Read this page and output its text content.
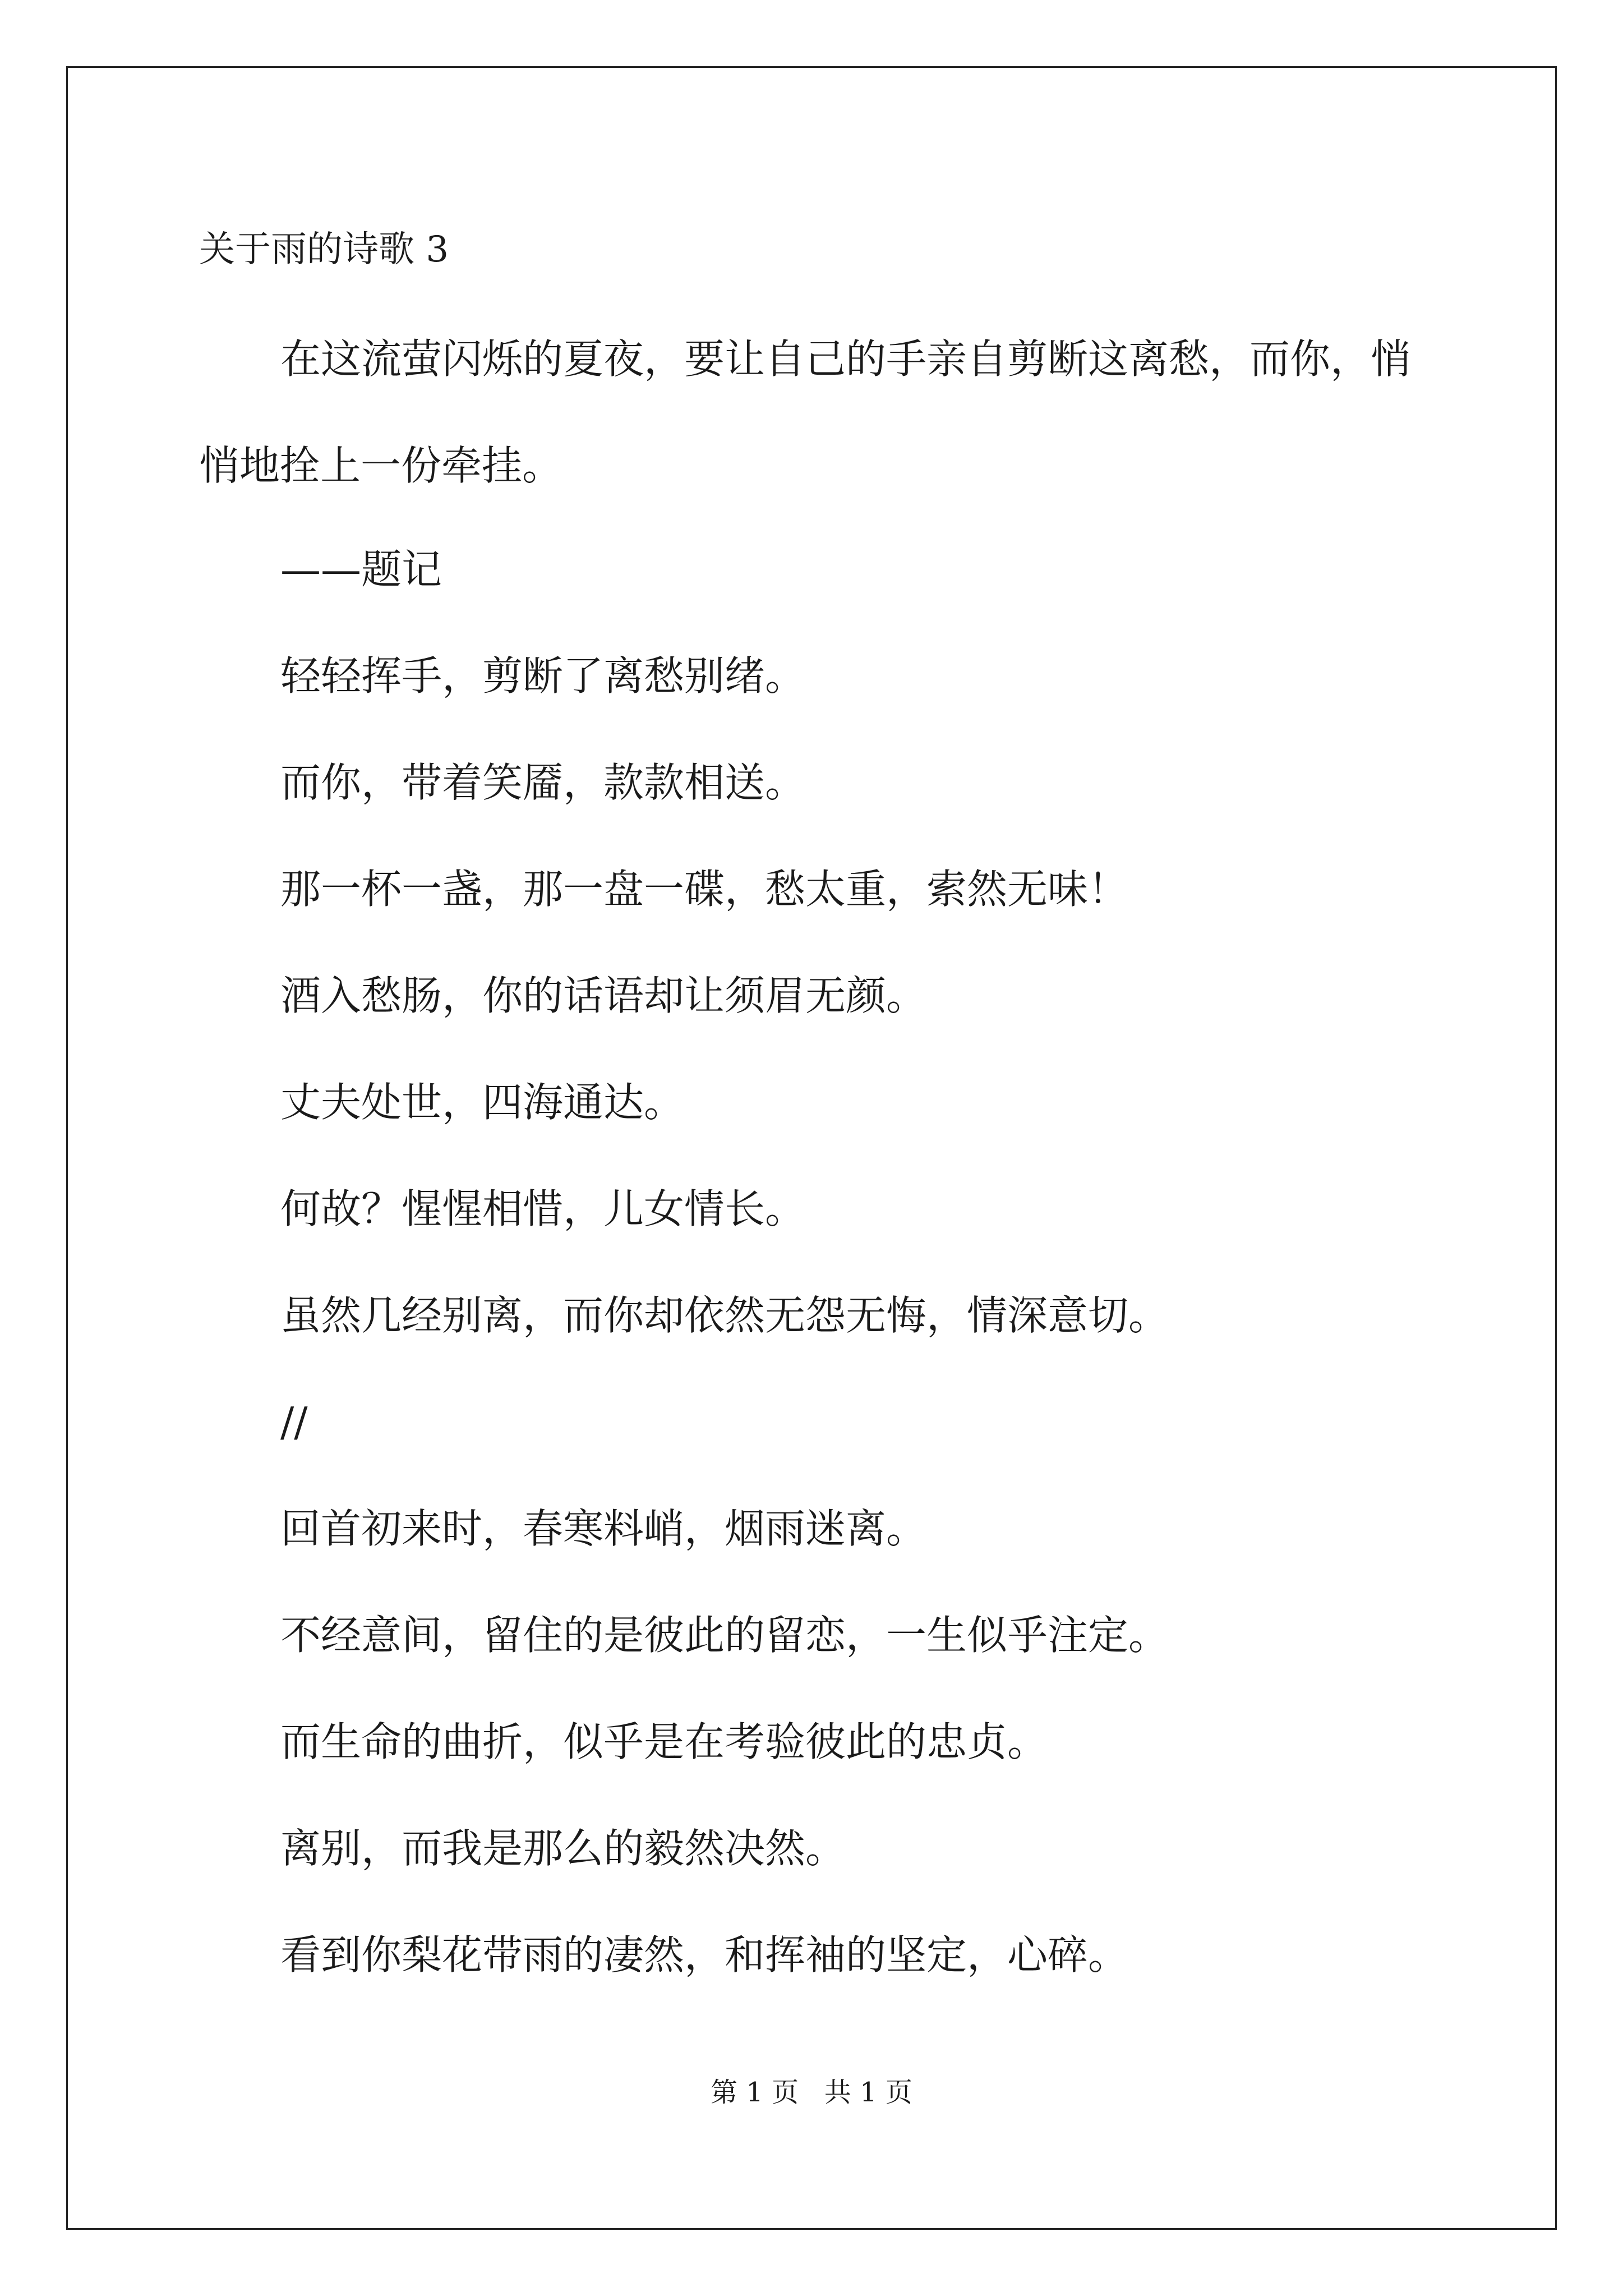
关于雨的诗歌 3
在这流萤闪烁的夏夜，要让自己的手亲自剪断这离愁，而你，悄
悄地拴上一份牵挂。
——题记
轻轻挥手，剪断了离愁别绪。
而你，带着笑靥，款款相送。
那一杯一盏，那一盘一碟，愁太重，索然无味！
酒入愁肠，你的话语却让须眉无颜。
丈夫处世，四海通达。
何故？惺惺相惜，儿女情长。
虽然几经别离，而你却依然无怨无悔，情深意切。
//
回首初来时，春寒料峭，烟雨迷离。
不经意间，留住的是彼此的留恋，一生似乎注定。
而生命的曲折，似乎是在考验彼此的忠贞。
离别，而我是那么的毅然决然。
看到你梨花带雨的凄然，和挥袖的坚定，心碎。
第 1 页   共 1 页
